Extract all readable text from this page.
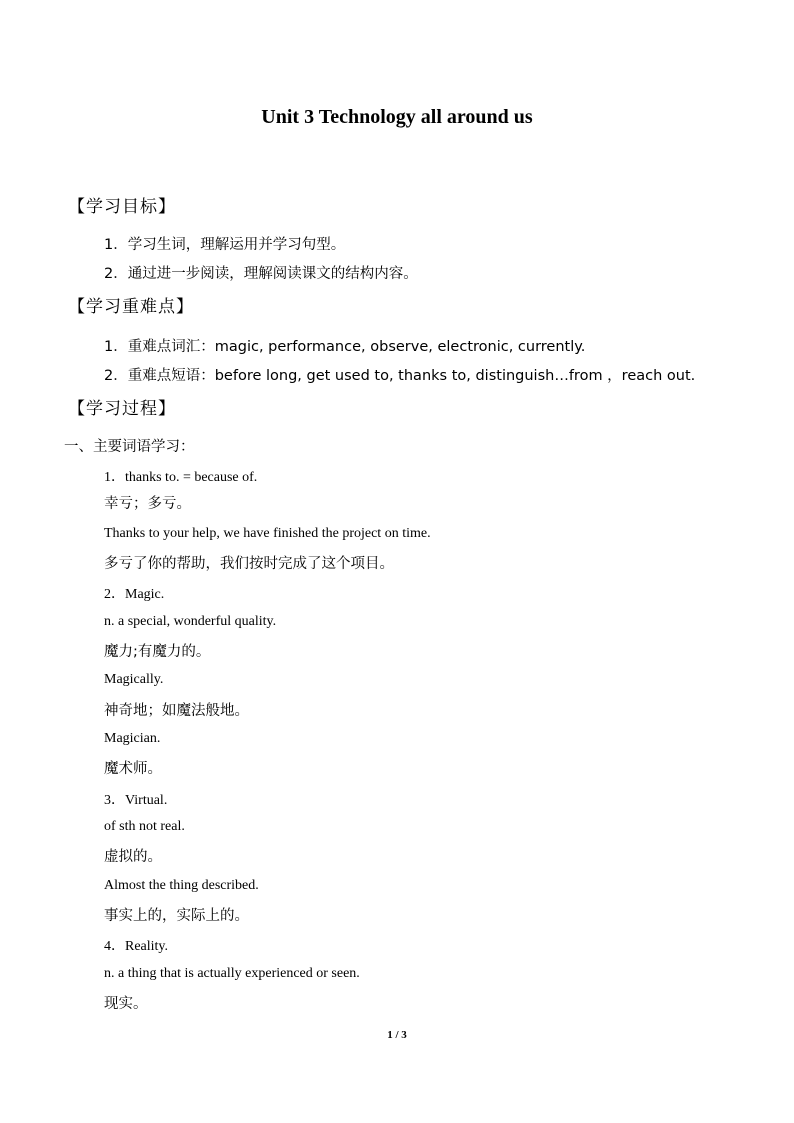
Unit 3 Technology all around us
【学习目标】
1．学习生词，理解运用并学习句型。
2．通过进一步阅读，理解阅读课文的结构内容。
【学习重难点】
1．重难点词汇：magic, performance, observe, electronic, currently.
2．重难点短语：before long, get used to, thanks to, distinguish…from ，reach out.
【学习过程】
一、主要词语学习：
1．thanks to. = because of.
幸亏；多亏。
Thanks to your help, we have finished the project on time.
多亏了你的帮助，我们按时完成了这个项目。
2．Magic.
n. a special, wonderful quality.
魔力;有魔力的。
Magically.
神奇地；如魔法般地。
Magician.
魔术师。
3．Virtual.
of sth not real.
虚拟的。
Almost the thing described.
事实上的，实际上的。
4．Reality.
n. a thing that is actually experienced or seen.
现实。
1 / 3
